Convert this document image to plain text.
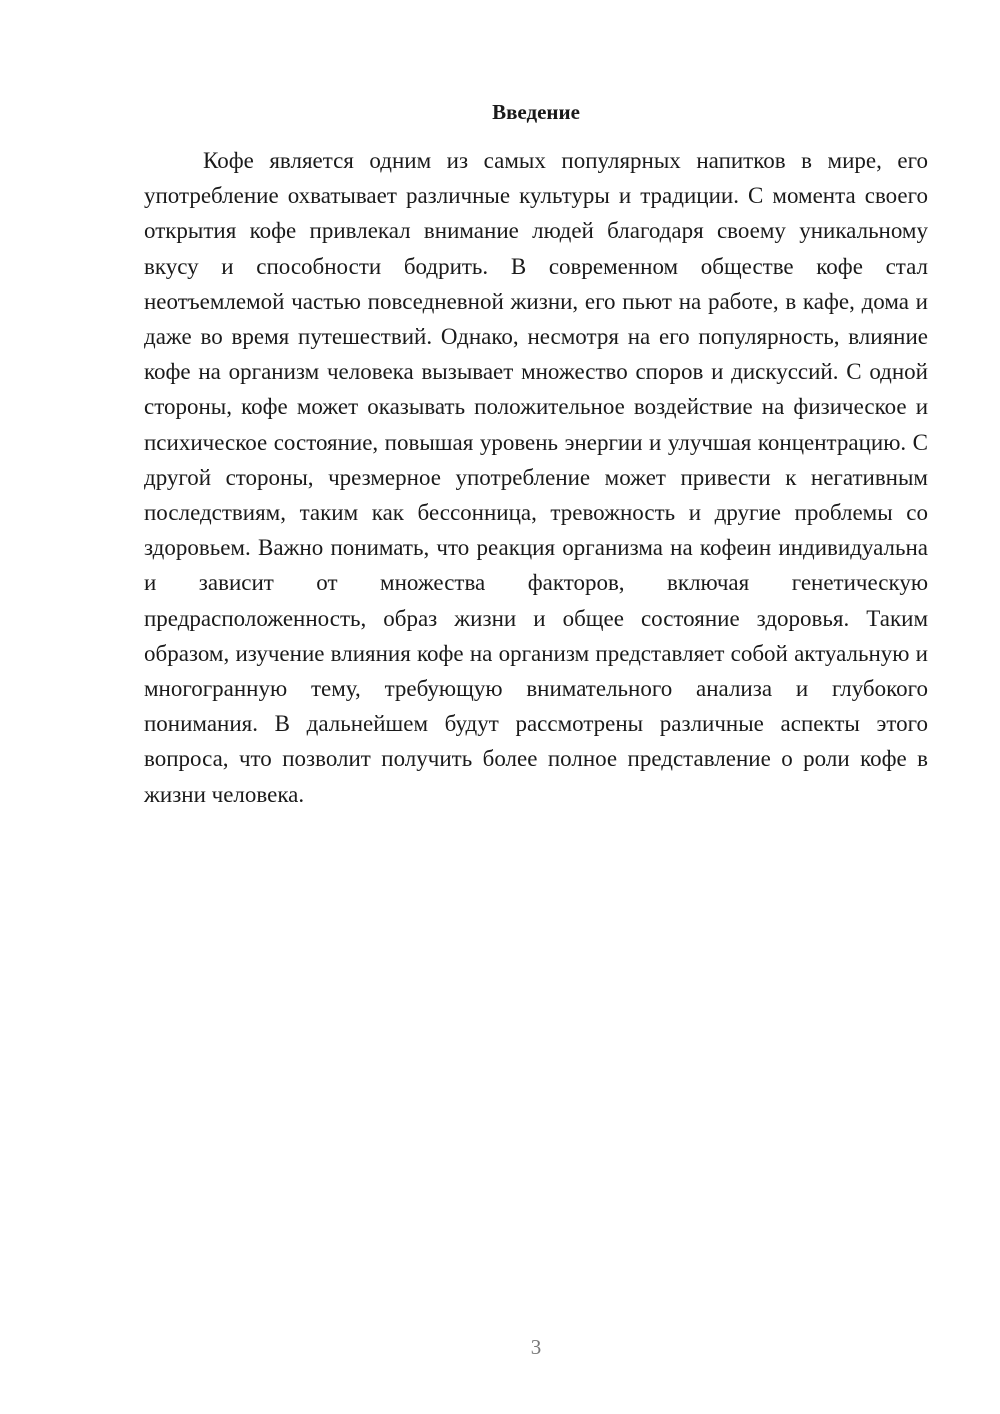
Введение

Кофе является одним из самых популярных напитков в мире, его употребление охватывает различные культуры и традиции. С момента своего открытия кофе привлекал внимание людей благодаря своему уникальному вкусу и способности бодрить. В современном обществе кофе стал неотъемлемой частью повседневной жизни, его пьют на работе, в кафе, дома и даже во время путешествий. Однако, несмотря на его популярность, влияние кофе на организм человека вызывает множество споров и дискуссий. С одной стороны, кофе может оказывать положительное воздействие на физическое и психическое состояние, повышая уровень энергии и улучшая концентрацию. С другой стороны, чрезмерное употребление может привести к негативным последствиям, таким как бессонница, тревожность и другие проблемы со здоровьем. Важно понимать, что реакция организма на кофеин индивидуальна и зависит от множества факторов, включая генетическую предрасположенность, образ жизни и общее состояние здоровья. Таким образом, изучение влияния кофе на организм представляет собой актуальную и многогранную тему, требующую внимательного анализа и глубокого понимания. В дальнейшем будут рассмотрены различные аспекты этого вопроса, что позволит получить более полное представление о роли кофе в жизни человека.

3
